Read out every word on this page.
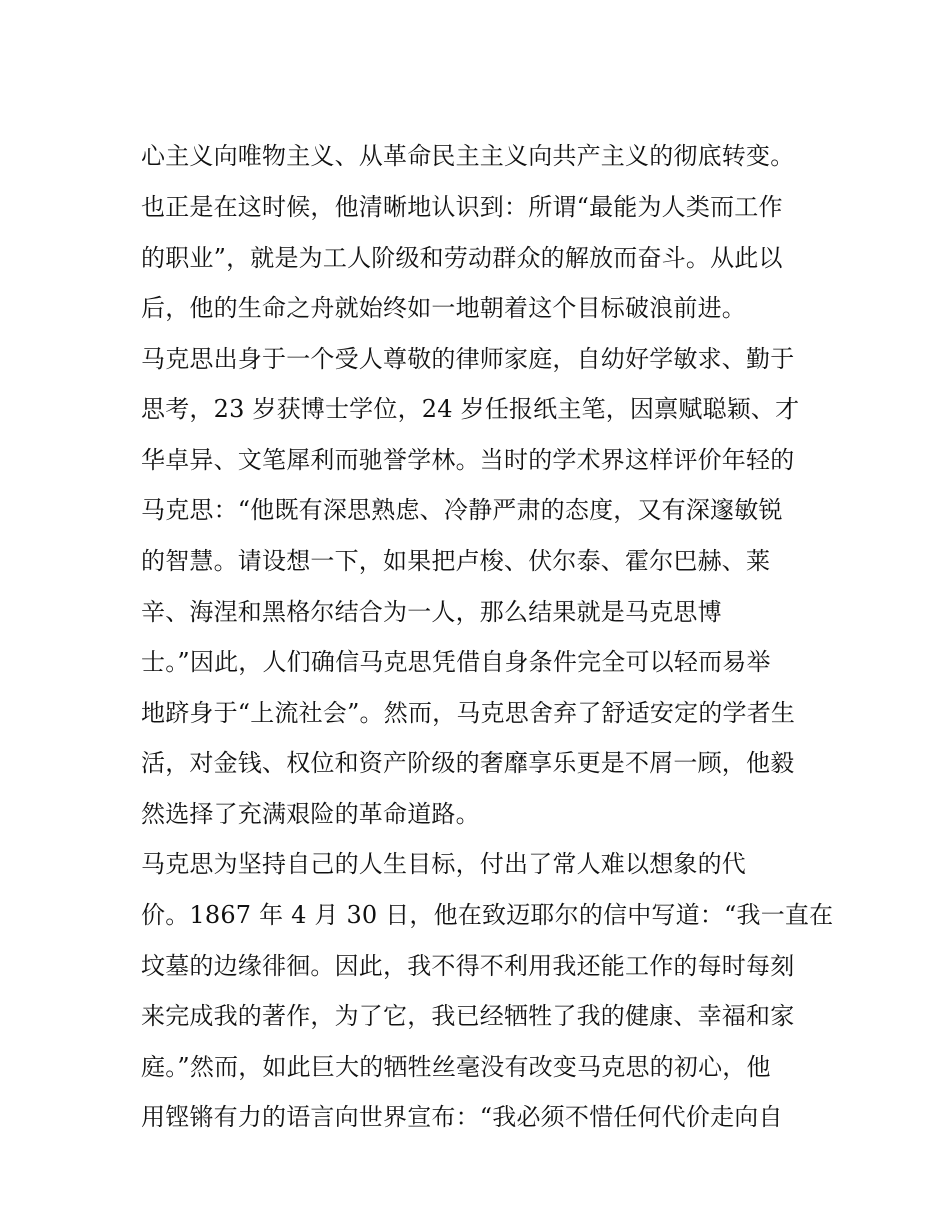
心主义向唯物主义、从革命民主主义向共产主义的彻底转变。
也正是在这时候，他清晰地认识到：所谓“最能为人类而工作
的职业”，就是为工人阶级和劳动群众的解放而奋斗。从此以
后，他的生命之舟就始终如一地朝着这个目标破浪前进。
马克思出身于一个受人尊敬的律师家庭，自幼好学敏求、勤于
思考，23 岁获博士学位，24 岁任报纸主笔，因禀赋聪颖、才
华卓异、文笔犀利而驰誉学林。当时的学术界这样评价年轻的
马克思：“他既有深思熟虑、冷静严肃的态度，又有深邃敏锐
的智慧。请设想一下，如果把卢梭、伏尔泰、霍尔巴赫、莱
辛、海涅和黑格尔结合为一人，那么结果就是马克思博
士。”因此，人们确信马克思凭借自身条件完全可以轻而易举
地跻身于“上流社会”。然而，马克思舍弃了舒适安定的学者生
活，对金钱、权位和资产阶级的奢靡享乐更是不屑一顾，他毅
然选择了充满艰险的革命道路。
马克思为坚持自己的人生目标，付出了常人难以想象的代
价。1867 年 4 月 30 日，他在致迈耶尔的信中写道：“我一直在
坟墓的边缘徘徊。因此，我不得不利用我还能工作的每时每刻
来完成我的著作，为了它，我已经牺牲了我的健康、幸福和家
庭。”然而，如此巨大的牺牲丝毫没有改变马克思的初心，他
用铿锵有力的语言向世界宣布：“我必须不惜任何代价走向自
